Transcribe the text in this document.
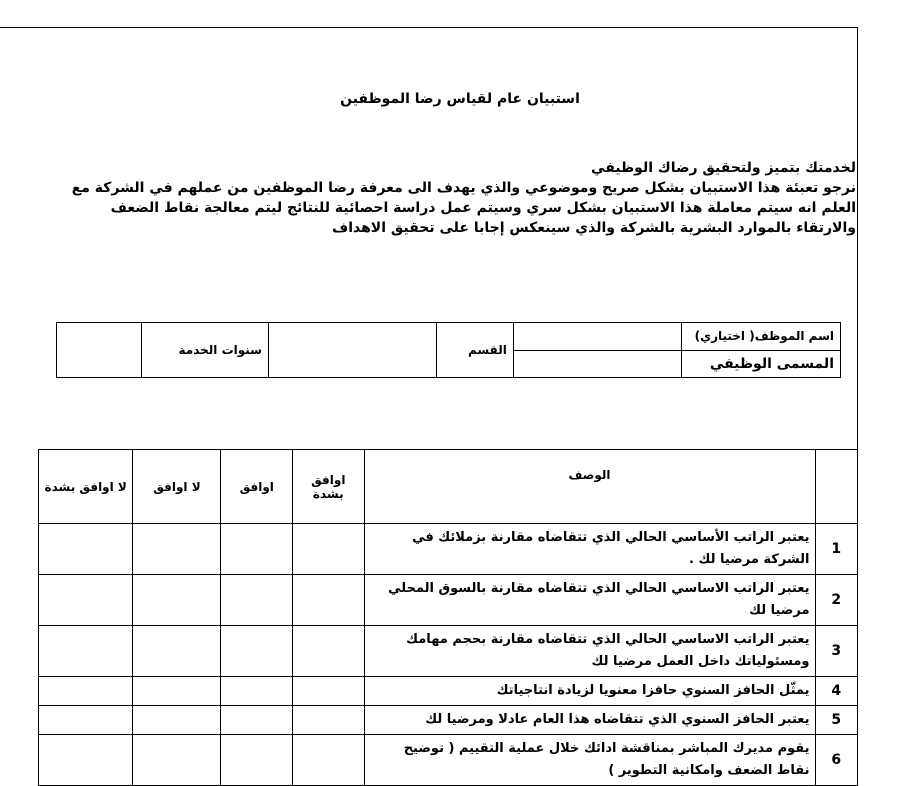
استبيان عام لقياس رضا الموظفين
لخدمتك بتميز ولتحقيق رضاك الوظيفي
نرجو تعبئة هذا الاستبيان بشكل صريح وموضوعي والذي يهدف الى معرفة رضا الموظفين من عملهم في الشركة مع
العلم انه سيتم معاملة هذا الاستبيان بشكل سري وسيتم عمل دراسة احصائية للنتائج ليتم معالجة نقاط الضعف
والارتقاء بالموارد البشرية بالشركة والذي سينعكس إجابا على تحقيق الاهداف
اسم الموظف( اختياري)		القسم		سنوات الخدمة	
المسمى الوظيفي					
	الوصف	اوافق بشدة	اوافق	لا اوافق	لا اوافق بشدة
1	يعتبر الراتب الأساسي الحالي الذي تتقاضاه مقارنة بزملائك في الشركة مرضيا لك .				
2	يعتبر الراتب الاساسي الحالي الذي تتقاضاه مقارنة بالسوق المحلي مرضيا لك				
3	يعتبر الراتب الاساسي الحالي الذي تتقاضاه مقارنة بحجم مهامك ومسئولياتك داخل العمل مرضيا لك				
4	يمثّل الحافز السنوي حافزا معنويا لزيادة انتاجياتك				
5	يعتبر الحافز السنوي الذي تتقاضاه هذا العام عادلا ومرضيا لك				
6	يقوم مديرك المباشر بمناقشة ادائك خلال عملية التقييم ( توضيح نقاط الضعف وامكانية التطوير )				
